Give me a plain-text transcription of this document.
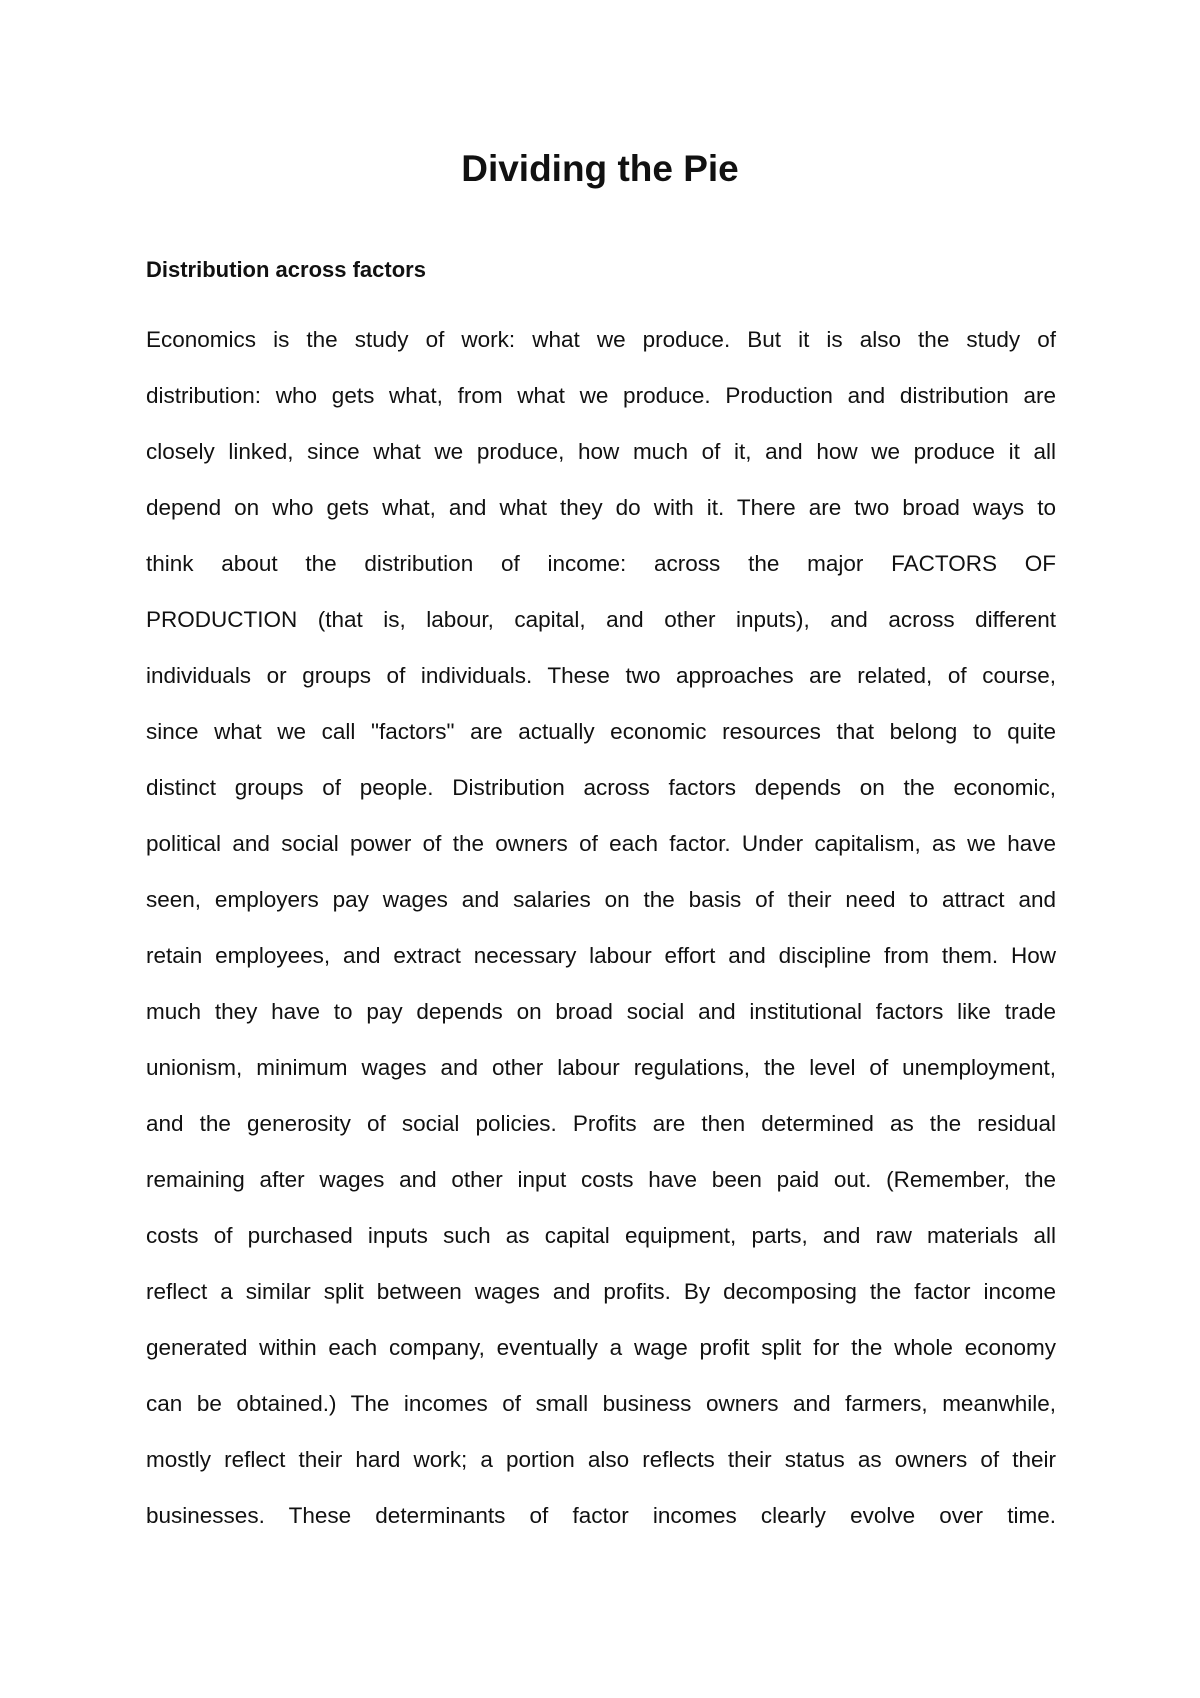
Dividing the Pie
Distribution across factors
Economics is the study of work: what we produce. But it is also the study of
distribution: who gets what, from what we produce. Production and distribution are
closely linked, since what we produce, how much of it, and how we produce it all
depend on who gets what, and what they do with it. There are two broad ways to
think about the distribution of income: across the major FACTORS OF
PRODUCTION (that is, labour, capital, and other inputs), and across different
individuals or groups of individuals. These two approaches are related, of course,
since what we call "factors" are actually economic resources that belong to quite
distinct groups of people. Distribution across factors depends on the economic,
political and social power of the owners of each factor. Under capitalism, as we have
seen, employers pay wages and salaries on the basis of their need to attract and
retain employees, and extract necessary labour effort and discipline from them. How
much they have to pay depends on broad social and institutional factors like trade
unionism, minimum wages and other labour regulations, the level of unemployment,
and the generosity of social policies. Profits are then determined as the residual
remaining after wages and other input costs have been paid out. (Remember, the
costs of purchased inputs such as capital equipment, parts, and raw materials all
reflect a similar split between wages and profits. By decomposing the factor income
generated within each company, eventually a wage profit split for the whole economy
can be obtained.) The incomes of small business owners and farmers, meanwhile,
mostly reflect their hard work; a portion also reflects their status as owners of their
businesses. These determinants of factor incomes clearly evolve over time.
